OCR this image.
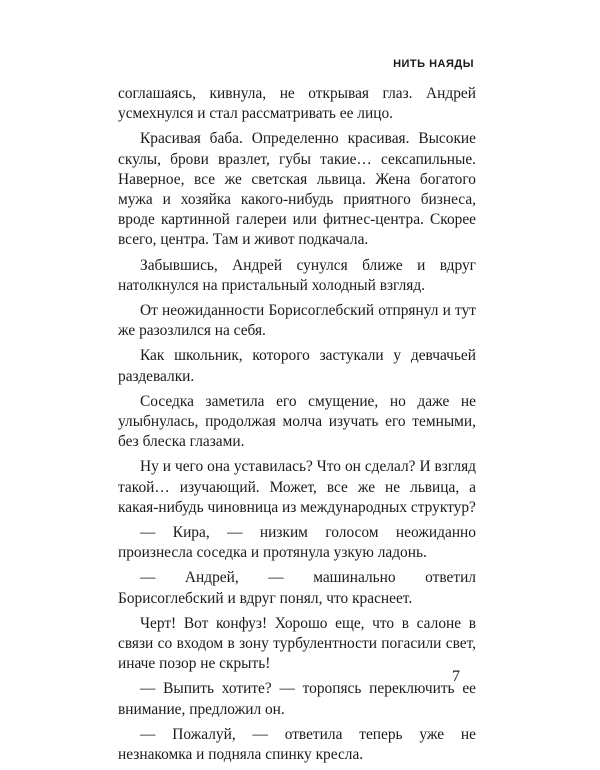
НИТЬ НАЯДЫ

соглашаясь, кивнула, не открывая глаз. Андрей усмехнулся и стал рассматривать ее лицо.

Красивая баба. Определенно красивая. Высокие скулы, брови вразлет, губы такие… сексапильные. Наверное, все же светская львица. Жена богатого мужа и хозяйка какого-нибудь приятного бизнеса, вроде картинной галереи или фитнес-центра. Скорее всего, центра. Там и живот подкачала.

Забывшись, Андрей сунулся ближе и вдруг натолкнулся на пристальный холодный взгляд.

От неожиданности Борисоглебский отпрянул и тут же разозлился на себя.

Как школьник, которого застукали у девчачьей раздевалки.

Соседка заметила его смущение, но даже не улыбнулась, продолжая молча изучать его темными, без блеска глазами.

Ну и чего она уставилась? Что он сделал? И взгляд такой… изучающий. Может, все же не львица, а какая-нибудь чиновница из международных структур?

— Кира, — низким голосом неожиданно произнесла соседка и протянула узкую ладонь.

— Андрей, — машинально ответил Борисоглебский и вдруг понял, что краснеет.

Черт! Вот конфуз! Хорошо еще, что в салоне в связи со входом в зону турбулентности погасили свет, иначе позор не скрыть!

— Выпить хотите? — торопясь переключить ее внимание, предложил он.

— Пожалуй, — ответила теперь уже не незнакомка и подняла спинку кресла.

7
